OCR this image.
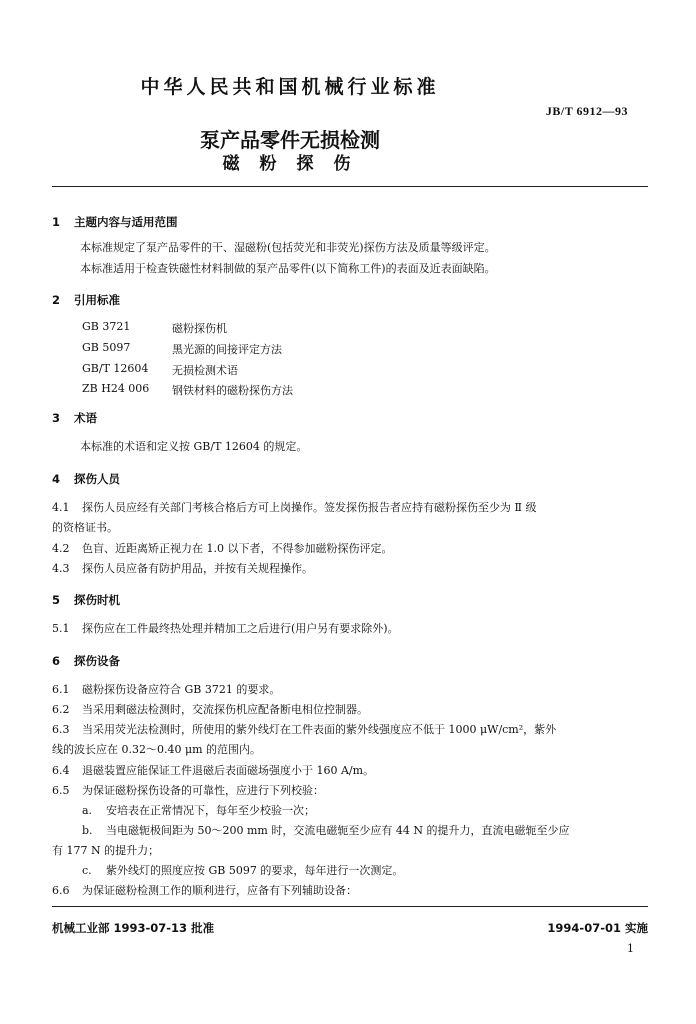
中华人民共和国机械行业标准
JB/T 6912—93
泵产品零件无损检测
磁 粉 探 伤
1 主题内容与适用范围
本标准规定了泵产品零件的干、湿磁粉(包括荧光和非荧光)探伤方法及质量等级评定。
本标准适用于检查铁磁性材料制做的泵产品零件(以下简称工件)的表面及近表面缺陷。
2 引用标准
GB 3721	磁粉探伤机
GB 5097	黑光源的间接评定方法
GB/T 12604 无损检测术语
ZB H24 006 钢铁材料的磁粉探伤方法
3 术语
本标准的术语和定义按 GB/T 12604 的规定。
4 探伤人员
4.1 探伤人员应经有关部门考核合格后方可上岗操作。签发探伤报告者应持有磁粉探伤至少为 Ⅱ 级
的资格证书。
4.2 色盲、近距离矫正视力在 1.0 以下者，不得参加磁粉探伤评定。
4.3 探伤人员应备有防护用品，并按有关规程操作。
5 探伤时机
5.1 探伤应在工件最终热处理并精加工之后进行(用户另有要求除外)。
6 探伤设备
6.1 磁粉探伤设备应符合 GB 3721 的要求。
6.2 当采用剩磁法检测时，交流探伤机应配备断电相位控制器。
6.3 当采用荧光法检测时，所使用的紫外线灯在工件表面的紫外线强度应不低于 1000 μW/cm²，紫外
线的波长应在 0.32～0.40 μm 的范围内。
6.4 退磁装置应能保证工件退磁后表面磁场强度小于 160 A/m。
6.5 为保证磁粉探伤设备的可靠性，应进行下列校验：
a. 安培表在正常情况下，每年至少校验一次；
b. 当电磁轭极间距为 50～200 mm 时，交流电磁轭至少应有 44 N 的提升力，直流电磁轭至少应
有 177 N 的提升力；
c. 紫外线灯的照度应按 GB 5097 的要求，每年进行一次测定。
6.6 为保证磁粉检测工作的顺利进行，应备有下列辅助设备：
机械工业部 1993-07-13 批准	1994-07-01 实施
1
